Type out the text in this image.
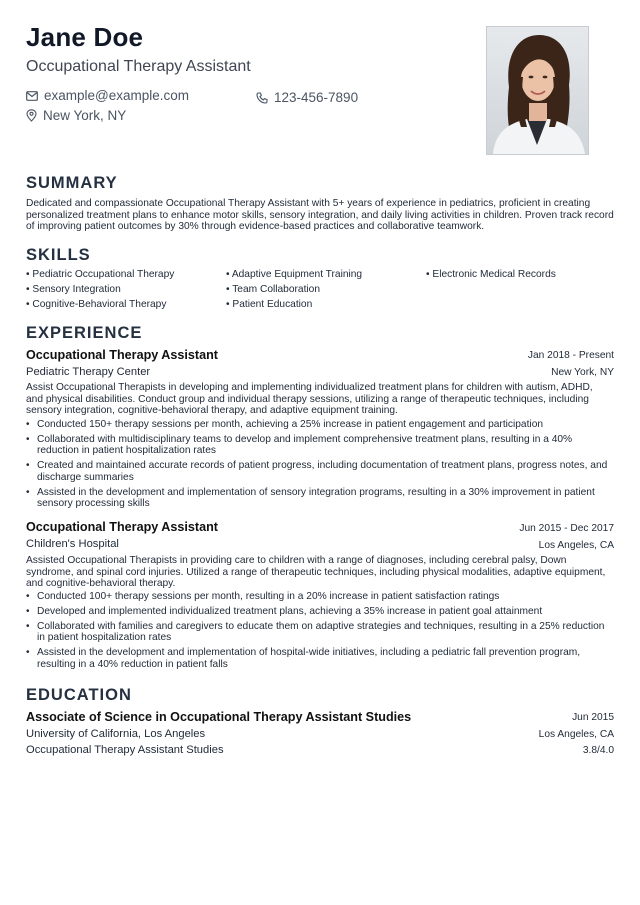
Jane Doe
Occupational Therapy Assistant
example@example.com	123-456-7890
New York, NY
SUMMARY
Dedicated and compassionate Occupational Therapy Assistant with 5+ years of experience in pediatrics, proficient in creating personalized treatment plans to enhance motor skills, sensory integration, and daily living activities in children. Proven track record of improving patient outcomes by 30% through evidence-based practices and collaborative teamwork.
SKILLS
• Pediatric Occupational Therapy	• Adaptive Equipment Training	• Electronic Medical Records
• Sensory Integration	• Team Collaboration
• Cognitive-Behavioral Therapy	• Patient Education
EXPERIENCE
Occupational Therapy Assistant	Jan 2018 - Present
Pediatric Therapy Center	New York, NY
Assist Occupational Therapists in developing and implementing individualized treatment plans for children with autism, ADHD, and physical disabilities. Conduct group and individual therapy sessions, utilizing a range of therapeutic techniques, including sensory integration, cognitive-behavioral therapy, and adaptive equipment training.
• Conducted 150+ therapy sessions per month, achieving a 25% increase in patient engagement and participation
• Collaborated with multidisciplinary teams to develop and implement comprehensive treatment plans, resulting in a 40% reduction in patient hospitalization rates
• Created and maintained accurate records of patient progress, including documentation of treatment plans, progress notes, and discharge summaries
• Assisted in the development and implementation of sensory integration programs, resulting in a 30% improvement in patient sensory processing skills
Occupational Therapy Assistant	Jun 2015 - Dec 2017
Children's Hospital	Los Angeles, CA
Assisted Occupational Therapists in providing care to children with a range of diagnoses, including cerebral palsy, Down syndrome, and spinal cord injuries. Utilized a range of therapeutic techniques, including physical modalities, adaptive equipment, and cognitive-behavioral therapy.
• Conducted 100+ therapy sessions per month, resulting in a 20% increase in patient satisfaction ratings
• Developed and implemented individualized treatment plans, achieving a 35% increase in patient goal attainment
• Collaborated with families and caregivers to educate them on adaptive strategies and techniques, resulting in a 25% reduction in patient hospitalization rates
• Assisted in the development and implementation of hospital-wide initiatives, including a pediatric fall prevention program, resulting in a 40% reduction in patient falls
EDUCATION
Associate of Science in Occupational Therapy Assistant Studies	Jun 2015
University of California, Los Angeles	Los Angeles, CA
Occupational Therapy Assistant Studies	3.8/4.0
